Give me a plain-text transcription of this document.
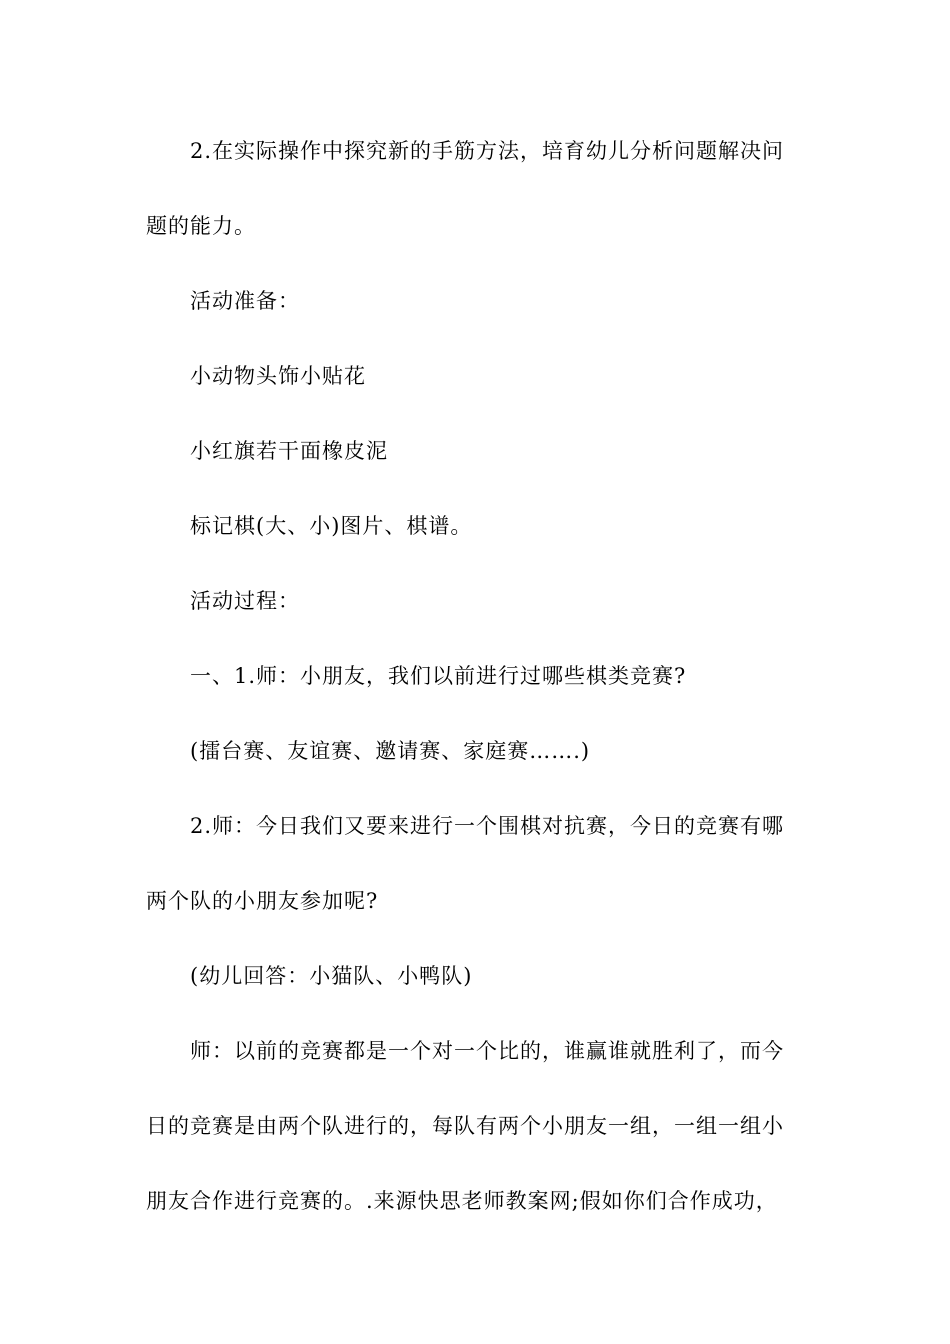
2.在实际操作中探究新的手筋方法，培育幼儿分析问题解决问
题的能力。
活动准备：
小动物头饰小贴花
小红旗若干面橡皮泥
标记棋(大、小)图片、棋谱。
活动过程：
一、1.师：小朋友，我们以前进行过哪些棋类竞赛?
(擂台赛、友谊赛、邀请赛、家庭赛…….)
2.师：今日我们又要来进行一个围棋对抗赛，今日的竞赛有哪
两个队的小朋友参加呢?
(幼儿回答：小猫队、小鸭队)
师：以前的竞赛都是一个对一个比的，谁赢谁就胜利了，而今
日的竞赛是由两个队进行的，每队有两个小朋友一组，一组一组小
朋友合作进行竞赛的。.来源快思老师教案网;假如你们合作成功，
